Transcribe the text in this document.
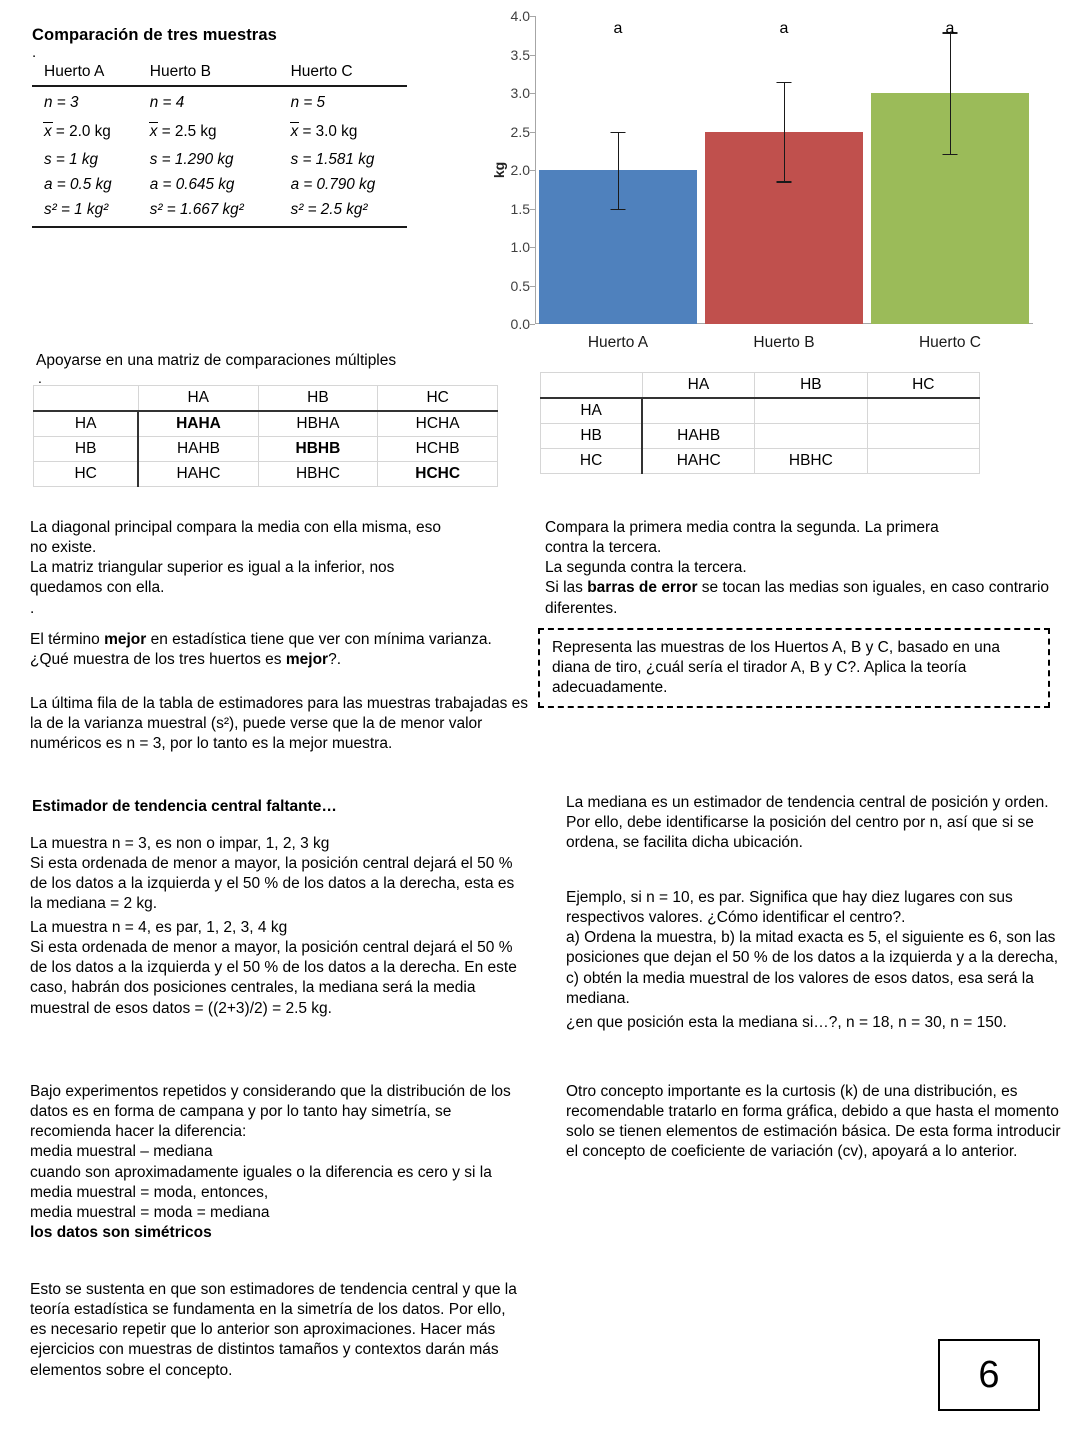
Comparación de tres muestras
.
Huerto A	Huerto B	Huerto C
n = 3	n = 4	n = 5
x = 2.0 kg	x = 2.5 kg	x = 3.0 kg
s = 1 kg	s = 1.290 kg	s = 1.581 kg
a = 0.5 kg	a = 0.645 kg	a = 0.790 kg
s² = 1 kg²	s² = 1.667 kg²	s² = 2.5 kg²
kg
0.0
0.5
1.0
1.5
2.0
2.5
3.0
3.5
4.0
Huerto A
a
Huerto B
a
Huerto C
a
Apoyarse en una matriz de comparaciones múltiples
.
	HA	HB	HC
HA	HAHA	HBHA	HCHA
HB	HAHB	HBHB	HCHB
HC	HAHC	HBHC	HCHC
	HA	HB	HC
HA			
HB	HAHB		
HC	HAHC	HBHC	
La diagonal principal compara la media con ella misma, eso
no existe.
La matriz triangular superior es igual a la inferior, nos
quedamos con ella.
.
El término mejor en estadística tiene que ver con mínima varianza. ¿Qué muestra de los tres huertos es mejor?.
La última fila de la tabla de estimadores para las muestras trabajadas es la de la varianza muestral (s²), puede verse que la de menor valor numéricos es n = 3, por lo tanto es la mejor muestra.
Estimador de tendencia central faltante…
La muestra n = 3, es non o impar, 1, 2, 3 kg
Si esta ordenada de menor a mayor, la posición central dejará el 50 % de los datos a la izquierda y el 50 % de los datos a la derecha, esta es la mediana = 2 kg.
La muestra n = 4, es par, 1, 2, 3, 4 kg
Si esta ordenada de menor a mayor, la posición central dejará el 50 % de los datos a la izquierda y el 50 % de los datos a la derecha. En este caso, habrán dos posiciones centrales, la mediana será la media muestral de esos datos = ((2+3)/2) = 2.5 kg.
Bajo experimentos repetidos y considerando que la distribución de los datos es en forma de campana y por lo tanto hay simetría, se recomienda hacer la diferencia:
media muestral – mediana
cuando son aproximadamente iguales o la diferencia es cero y si la media muestral = moda, entonces,
media muestral = moda = mediana
los datos son simétricos
Esto se sustenta en que son estimadores de tendencia central y que la teoría estadística se fundamenta en la simetría de los datos. Por ello, es necesario repetir que lo anterior son aproximaciones. Hacer más ejercicios con muestras de distintos tamaños y contextos darán más elementos sobre el concepto.
Compara la primera media contra la segunda. La primera
contra la tercera.
La segunda contra la tercera.
Si las barras de error se tocan las medias son iguales, en caso contrario diferentes.
Representa las muestras de los Huertos A, B y C, basado en una diana de tiro, ¿cuál sería el tirador A, B y C?. Aplica la teoría adecuadamente.
La mediana es un estimador de tendencia central de posición y orden. Por ello, debe identificarse la posición del centro por n, así que si se ordena, se facilita dicha ubicación.
Ejemplo, si n = 10, es par. Significa que hay diez lugares con sus respectivos valores. ¿Cómo identificar el centro?.
a) Ordena la muestra, b) la mitad exacta es 5, el siguiente es 6, son las posiciones que dejan el 50 % de los datos a la izquierda y a la derecha, c) obtén la media muestral de los valores de esos datos, esa será la mediana.
¿en que posición esta la mediana si…?, n = 18, n = 30, n = 150.
Otro concepto importante es la curtosis (k) de una distribución, es recomendable tratarlo en forma gráfica, debido a que hasta el momento solo se tienen elementos de estimación básica. De esta forma introducir el concepto de coeficiente de variación (cv), apoyará a lo anterior.
6
